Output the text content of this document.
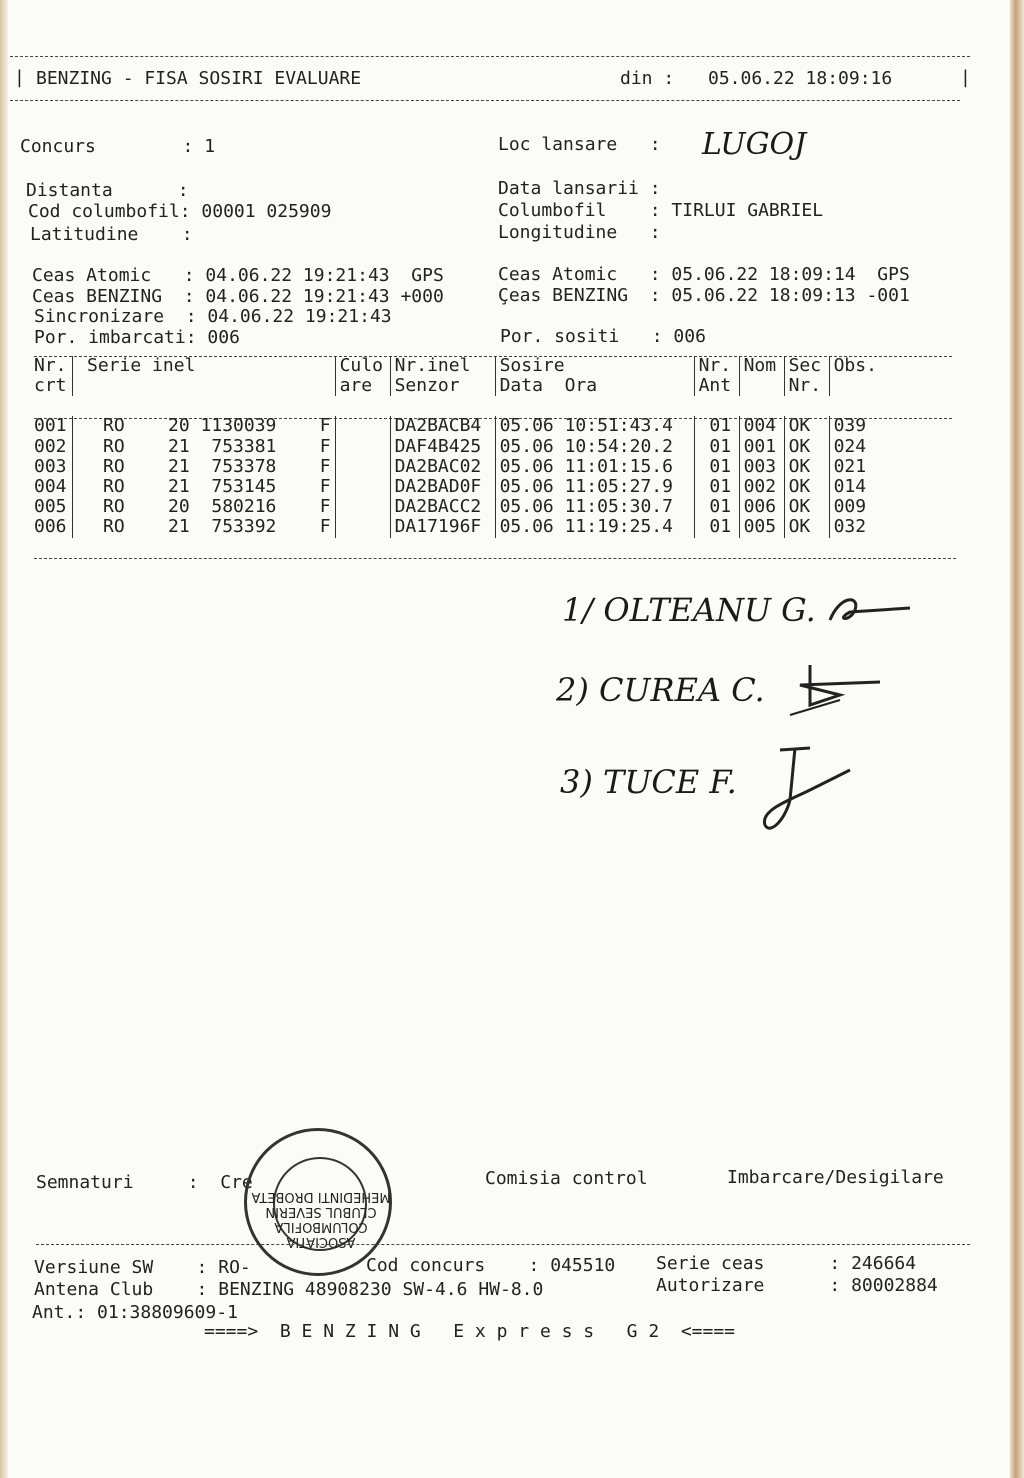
|	|
BENZING - FISA SOSIRI EVALUARE	din : 05.06.22 18:09:16
Concurs        : 1	Loc lansare   : LUGOJ
Distanta      :	Data lansarii :
Cod columbofil: 00001 025909	Columbofil    : TIRLUI GABRIEL
Latitudine    :	Longitudine   :
Ceas Atomic   : 04.06.22 19:21:43  GPS
Ceas BENZING  : 04.06.22 19:21:43 +000
Sincronizare  : 04.06.22 19:21:43
Por. imbarcati: 006
Ceas Atomic   : 05.06.22 18:09:14  GPS
Çeas BENZING  : 05.06.22 18:09:13 -001
Por. sositi   : 006
Nr.	Serie inel	Culo	Nr.inel	Sosire	Nr.	Nom	Sec	Obs.
crt		are	Senzor	Data  Ora	Ant		Nr.	

001	RO    20 1130039    F		DA2BACB4	05.06 10:51:43.4	01	004	OK	039
002	RO    21  753381    F		DAF4B425	05.06 10:54:20.2	01	001	OK	024
003	RO    21  753378    F		DA2BAC02	05.06 11:01:15.6	01	003	OK	021
004	RO    21  753145    F		DA2BAD0F	05.06 11:05:27.9	01	002	OK	014
005	RO    20  580216    F		DA2BACC2	05.06 11:05:30.7	01	006	OK	009
006	RO    21  753392    F		DA17196F	05.06 11:19:25.4	01	005	OK	032
1/ OLTEANU G.
2) CUREA C.
3) TUCE F.
Semnaturi     :  Cre	Comisia control	Imbarcare/Desigilare
ASOCIATIA COLUMBOFILA CLUBUL SEVERIN MEHEDINTI DROBETA
Versiune SW    : RO-	Cod concurs    : 045510 Serie ceas      : 246664
Antena Club    : BENZING 48908230 SW-4.6 HW-8.0	Autorizare      : 80002884
Ant.: 01:38809609-1
====>  B E N Z I N G   E x p r e s s   G 2  <====
